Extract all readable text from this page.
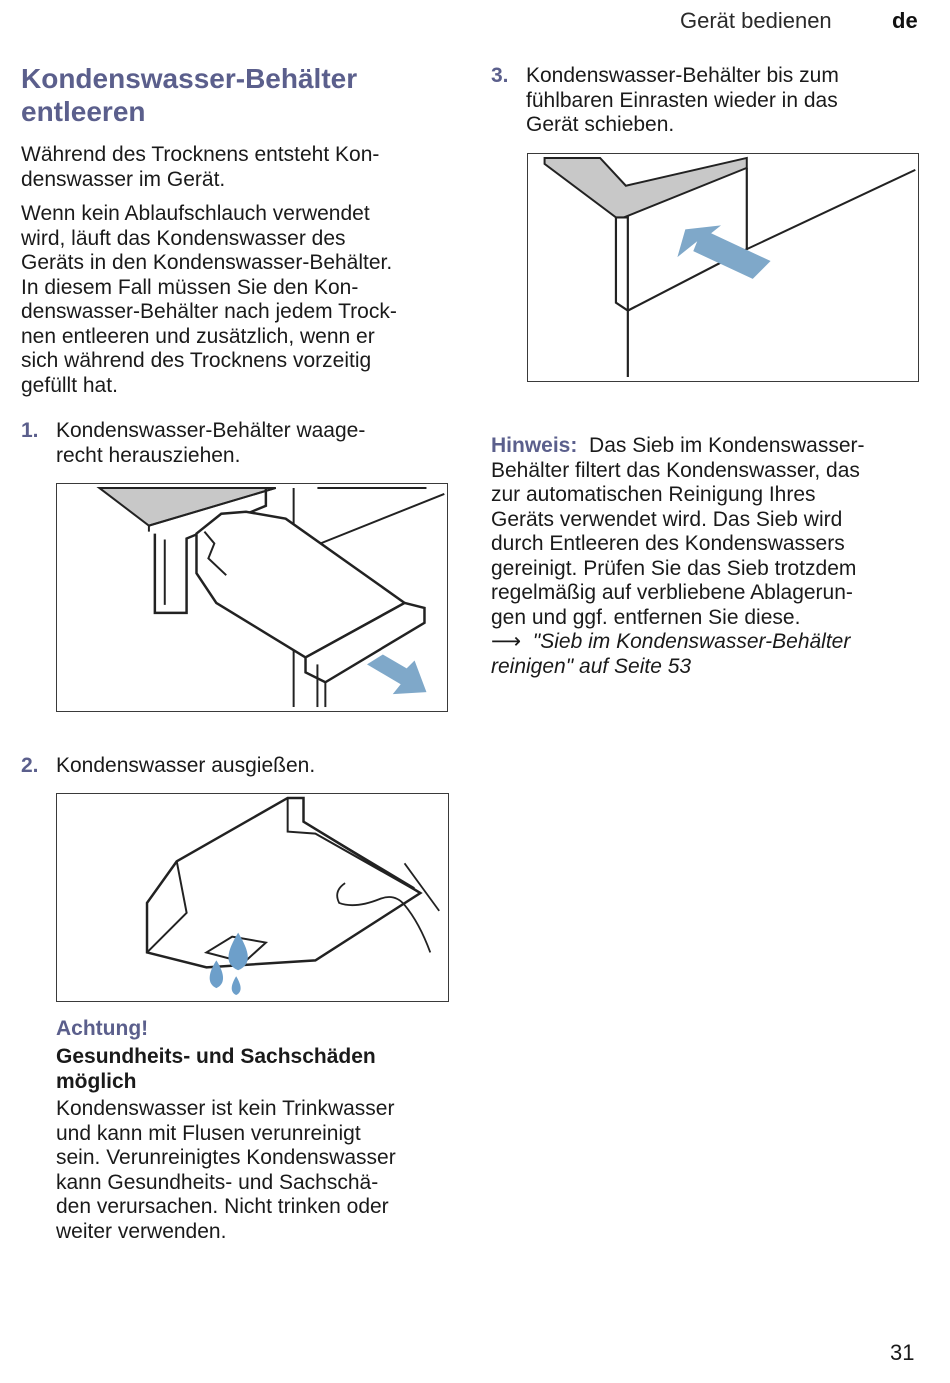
Gerät bedienen	de
Kondenswasser-Behälter
entleeren
Während des Trocknens entsteht Kon-
denswasser im Gerät.
Wenn kein Ablaufschlauch verwendet
wird, läuft das Kondenswasser des
Geräts in den Kondenswasser-Behälter.
In diesem Fall müssen Sie den Kon-
denswasser-Behälter nach jedem Trock-
nen entleeren und zusätzlich, wenn er
sich während des Trocknens vorzeitig
gefüllt hat.
1. Kondenswasser-Behälter waage-
recht herausziehen.
2. Kondenswasser ausgießen.
Achtung!
Gesundheits- und Sachschäden
möglich
Kondenswasser ist kein Trinkwasser
und kann mit Flusen verunreinigt
sein. Verunreinigtes Kondenswasser
kann Gesundheits- und Sachschä-
den verursachen. Nicht trinken oder
weiter verwenden.
3. Kondenswasser-Behälter bis zum
fühlbaren Einrasten wieder in das
Gerät schieben.
Hinweis: Das Sieb im Kondenswasser-
Behälter filtert das Kondenswasser, das
zur automatischen Reinigung Ihres
Geräts verwendet wird. Das Sieb wird
durch Entleeren des Kondenswassers
gereinigt. Prüfen Sie das Sieb trotzdem
regelmäßig auf verbliebene Ablagerun-
gen und ggf. entfernen Sie diese.
⟶ "Sieb im Kondenswasser-Behälter
reinigen" auf Seite 53
31
